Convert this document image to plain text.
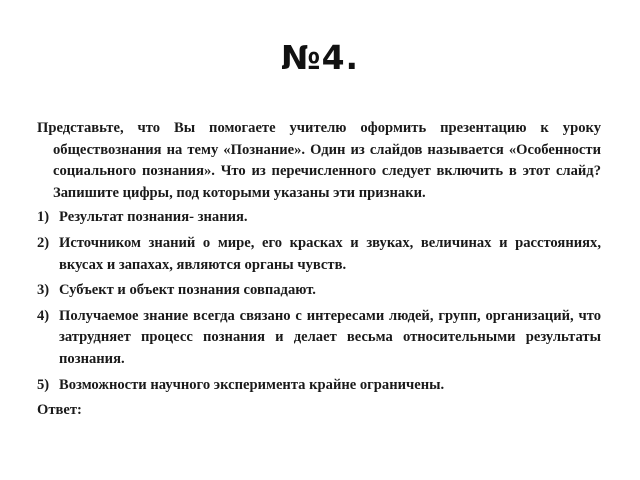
№4.

Представьте, что Вы помогаете учителю оформить презентацию к уроку обществознания на тему «Познание». Один из слайдов называется «Особенности социального познания». Что из перечисленного следует включить в этот слайд? Запишите цифры, под которыми указаны эти признаки.

1) Результат познания- знания.
2) Источником знаний о мире, его красках и звуках, величинах и расстояниях, вкусах и запахах, являются органы чувств.
3) Субъект и объект познания совпадают.
4) Получаемое знание всегда связано с интересами людей, групп, организаций, что затрудняет процесс познания и делает весьма относительными результаты познания.
5) Возможности научного эксперимента крайне ограничены.
Ответ:
